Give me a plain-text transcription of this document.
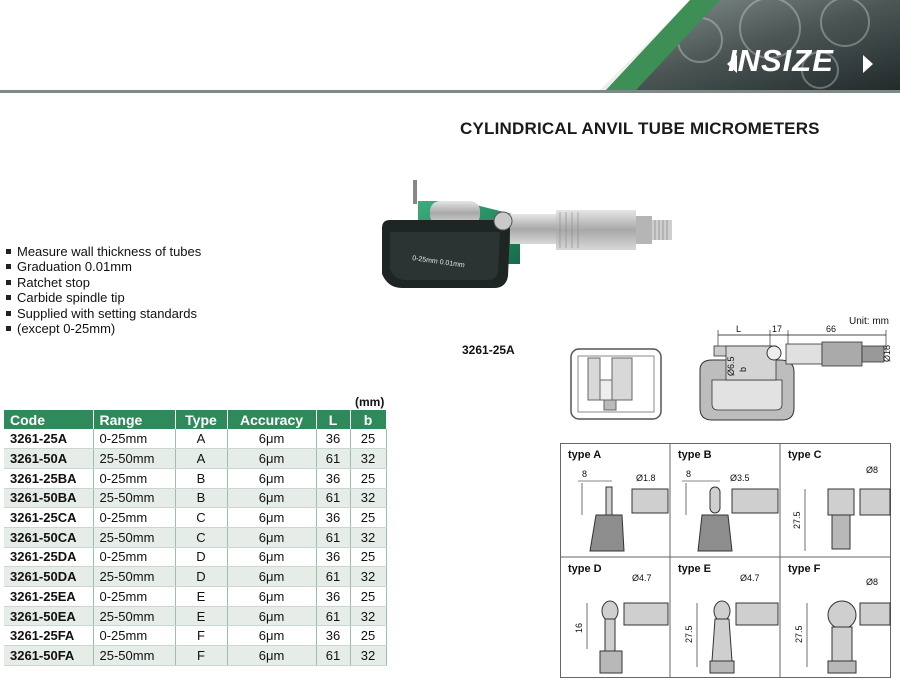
INSIZE
CYLINDRICAL ANVIL TUBE MICROMETERS
0-25mm 0.01mm
Measure wall thickness of tubes
Graduation 0.01mm
Ratchet stop
Carbide spindle tip
Supplied with setting standards
(except 0-25mm)
3261-25A
Unit: mm
L	17	66
Ø6.5 b
Ø18
(mm)
Code	Range	Type	Accuracy	L	b
3261-25A	0-25mm	A	6μm	36	25
3261-50A	25-50mm	A	6μm	61	32
3261-25BA	0-25mm	B	6μm	36	25
3261-50BA	25-50mm	B	6μm	61	32
3261-25CA	0-25mm	C	6μm	36	25
3261-50CA	25-50mm	C	6μm	61	32
3261-25DA	0-25mm	D	6μm	36	25
3261-50DA	25-50mm	D	6μm	61	32
3261-25EA	0-25mm	E	6μm	36	25
3261-50EA	25-50mm	E	6μm	61	32
3261-25FA	0-25mm	F	6μm	36	25
3261-50FA	25-50mm	F	6μm	61	32
type A
8	Ø1.8
type B
8	Ø3.5
type C
Ø8
27.5
type D
Ø4.7
16
type E
Ø4.7
27.5
type F
Ø8
27.5
